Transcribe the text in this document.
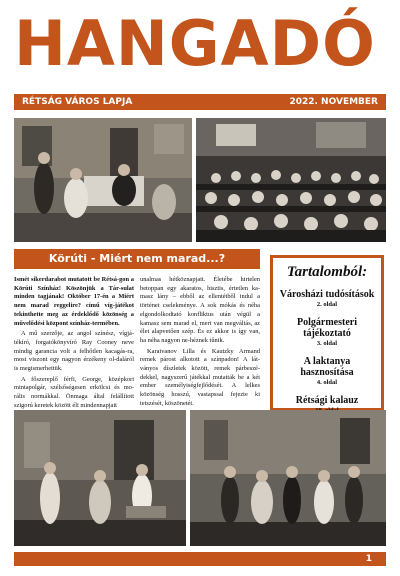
HANGADÓ
RÉTSÁG VÁROS LAPJA	2022. NOVEMBER
Körúti - Miért nem marad...?

Ismét sikerdarabot mutatott be Rétsá-gon a Körúti Színház! Köszönjük a Tár-sulat minden tagjának! Október 17-én a Miért nem marad reggelire? című víg-játékot tekinthette meg az érdeklődő közönség a művelődési központ színház-termében.

A mű szerzője, az angol színész, vígjá-tékíró, forgatókönyvíró Ray Cooney neve mindig garancia volt a felhőtlen kacagás-ra, most viszont egy nagyon érzékeny ol-daláról is megismerhettük.

A főszereplő férfi, George, középkori mintapolgár, szélsőségesen erkölcsi és mo-rális normákkal. Önmaga által felállított szigorú keretek között éli mindennapjait

unalmas hétköznapjait. Életébe hirtelen betoppan egy akaratos, hisztis, értetlen ka-masz lány – ebből az ellentétből indul a történet cselekménye. A sok mókás és néha elgondolkodtató konfliktus után végül a kamasz sem marad el, mert van megváltás, az élet alapvetően szép. És ez akkor is így van, ha néha nagyon ne-héznek tűnik.

Karaivanov Lilla és Kautzky Armand remek párost alkotott a színpadon! A lát-ványos díszletek között, remek párbeszé-dekkel, nagyszerű játékkal mutatták be a két ember személyiségfejlődését. A lelkes közönség hosszú, vastapssal fejezte ki tetszését, köszönetét.

Tartalomból:
Városházi tudósítások
2. oldal
Polgármesteri tájékoztató
3. oldal
A laktanya hasznosítása
4. oldal
Rétsági kalauz
1
